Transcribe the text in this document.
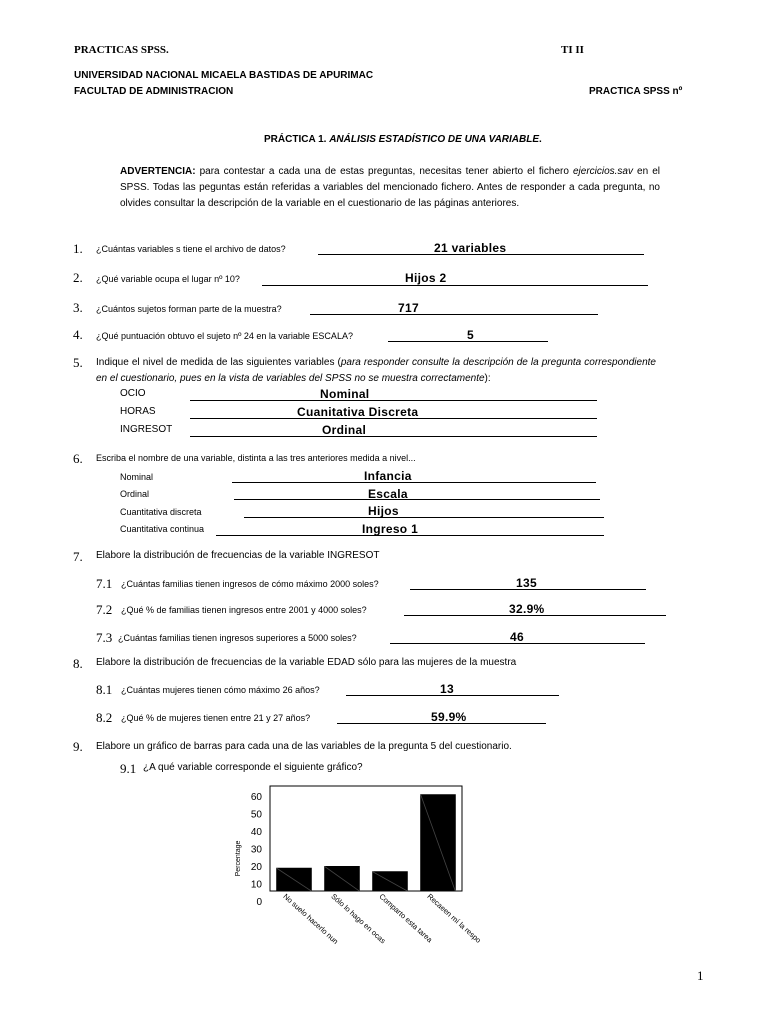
PRACTICAS SPSS.	TI II
UNIVERSIDAD NACIONAL MICAELA BASTIDAS DE APURIMAC
FACULTAD DE ADMINISTRACION	PRACTICA SPSS nº
PRÁCTICA 1. ANÁLISIS ESTADÍSTICO DE UNA VARIABLE.
ADVERTENCIA: para contestar a cada una de estas preguntas, necesitas tener abierto el fichero ejercicios.sav en el SPSS. Todas las peguntas están referidas a variables del mencionado fichero. Antes de responder a cada pregunta, no olvides consultar la descripción de la variable en el cuestionario de las páginas anteriores.
1. ¿Cuántas variables s tiene el archivo de datos?	21 variables
2. ¿Qué variable ocupa el lugar nº 10?	Hijos 2
3. ¿Cuántos sujetos forman parte de la muestra?	717
4. ¿Qué puntuación obtuvo el sujeto nº 24 en la variable ESCALA?	5
5. Indique el nivel de medida de las siguientes variables (para responder consulte la descripción de la pregunta correspondiente en el cuestionario, pues en la vista de variables del SPSS no se muestra correctamente):
OCIO	Nominal
HORAS	Cuanitativa Discreta
INGRESOT	Ordinal
6. Escriba el nombre de una variable, distinta a las tres anteriores medida a nivel...
Nominal	Infancia
Ordinal	Escala
Cuantitativa discreta	Hijos
Cuantitativa continua	Ingreso 1
7. Elabore la distribución de frecuencias de la variable INGRESOT
7.1 ¿Cuántas familias tienen ingresos de cómo máximo 2000 soles?	135
7.2 ¿Qué % de familias tienen ingresos entre 2001 y 4000 soles?	32.9%
7.3 ¿Cuántas familias tienen ingresos superiores a 5000 soles?	46
8. Elabore la distribución de frecuencias de la variable EDAD sólo para las mujeres de la muestra
8.1 ¿Cuántas mujeres tienen cómo máximo 26 años?	13
8.2 ¿Qué % de mujeres tienen entre 21 y 27 años?	59.9%
9. Elabore un gráfico de barras para cada una de las variables de la pregunta 5 del cuestionario.
9.1 ¿A qué variable corresponde el siguiente gráfico?
0
10
20
30
40
50
60
Percentage
No suelo hacerlo nun
Sólo lo hago en ocas
Comparto esta tarea
Recaeen mí la respo
1
